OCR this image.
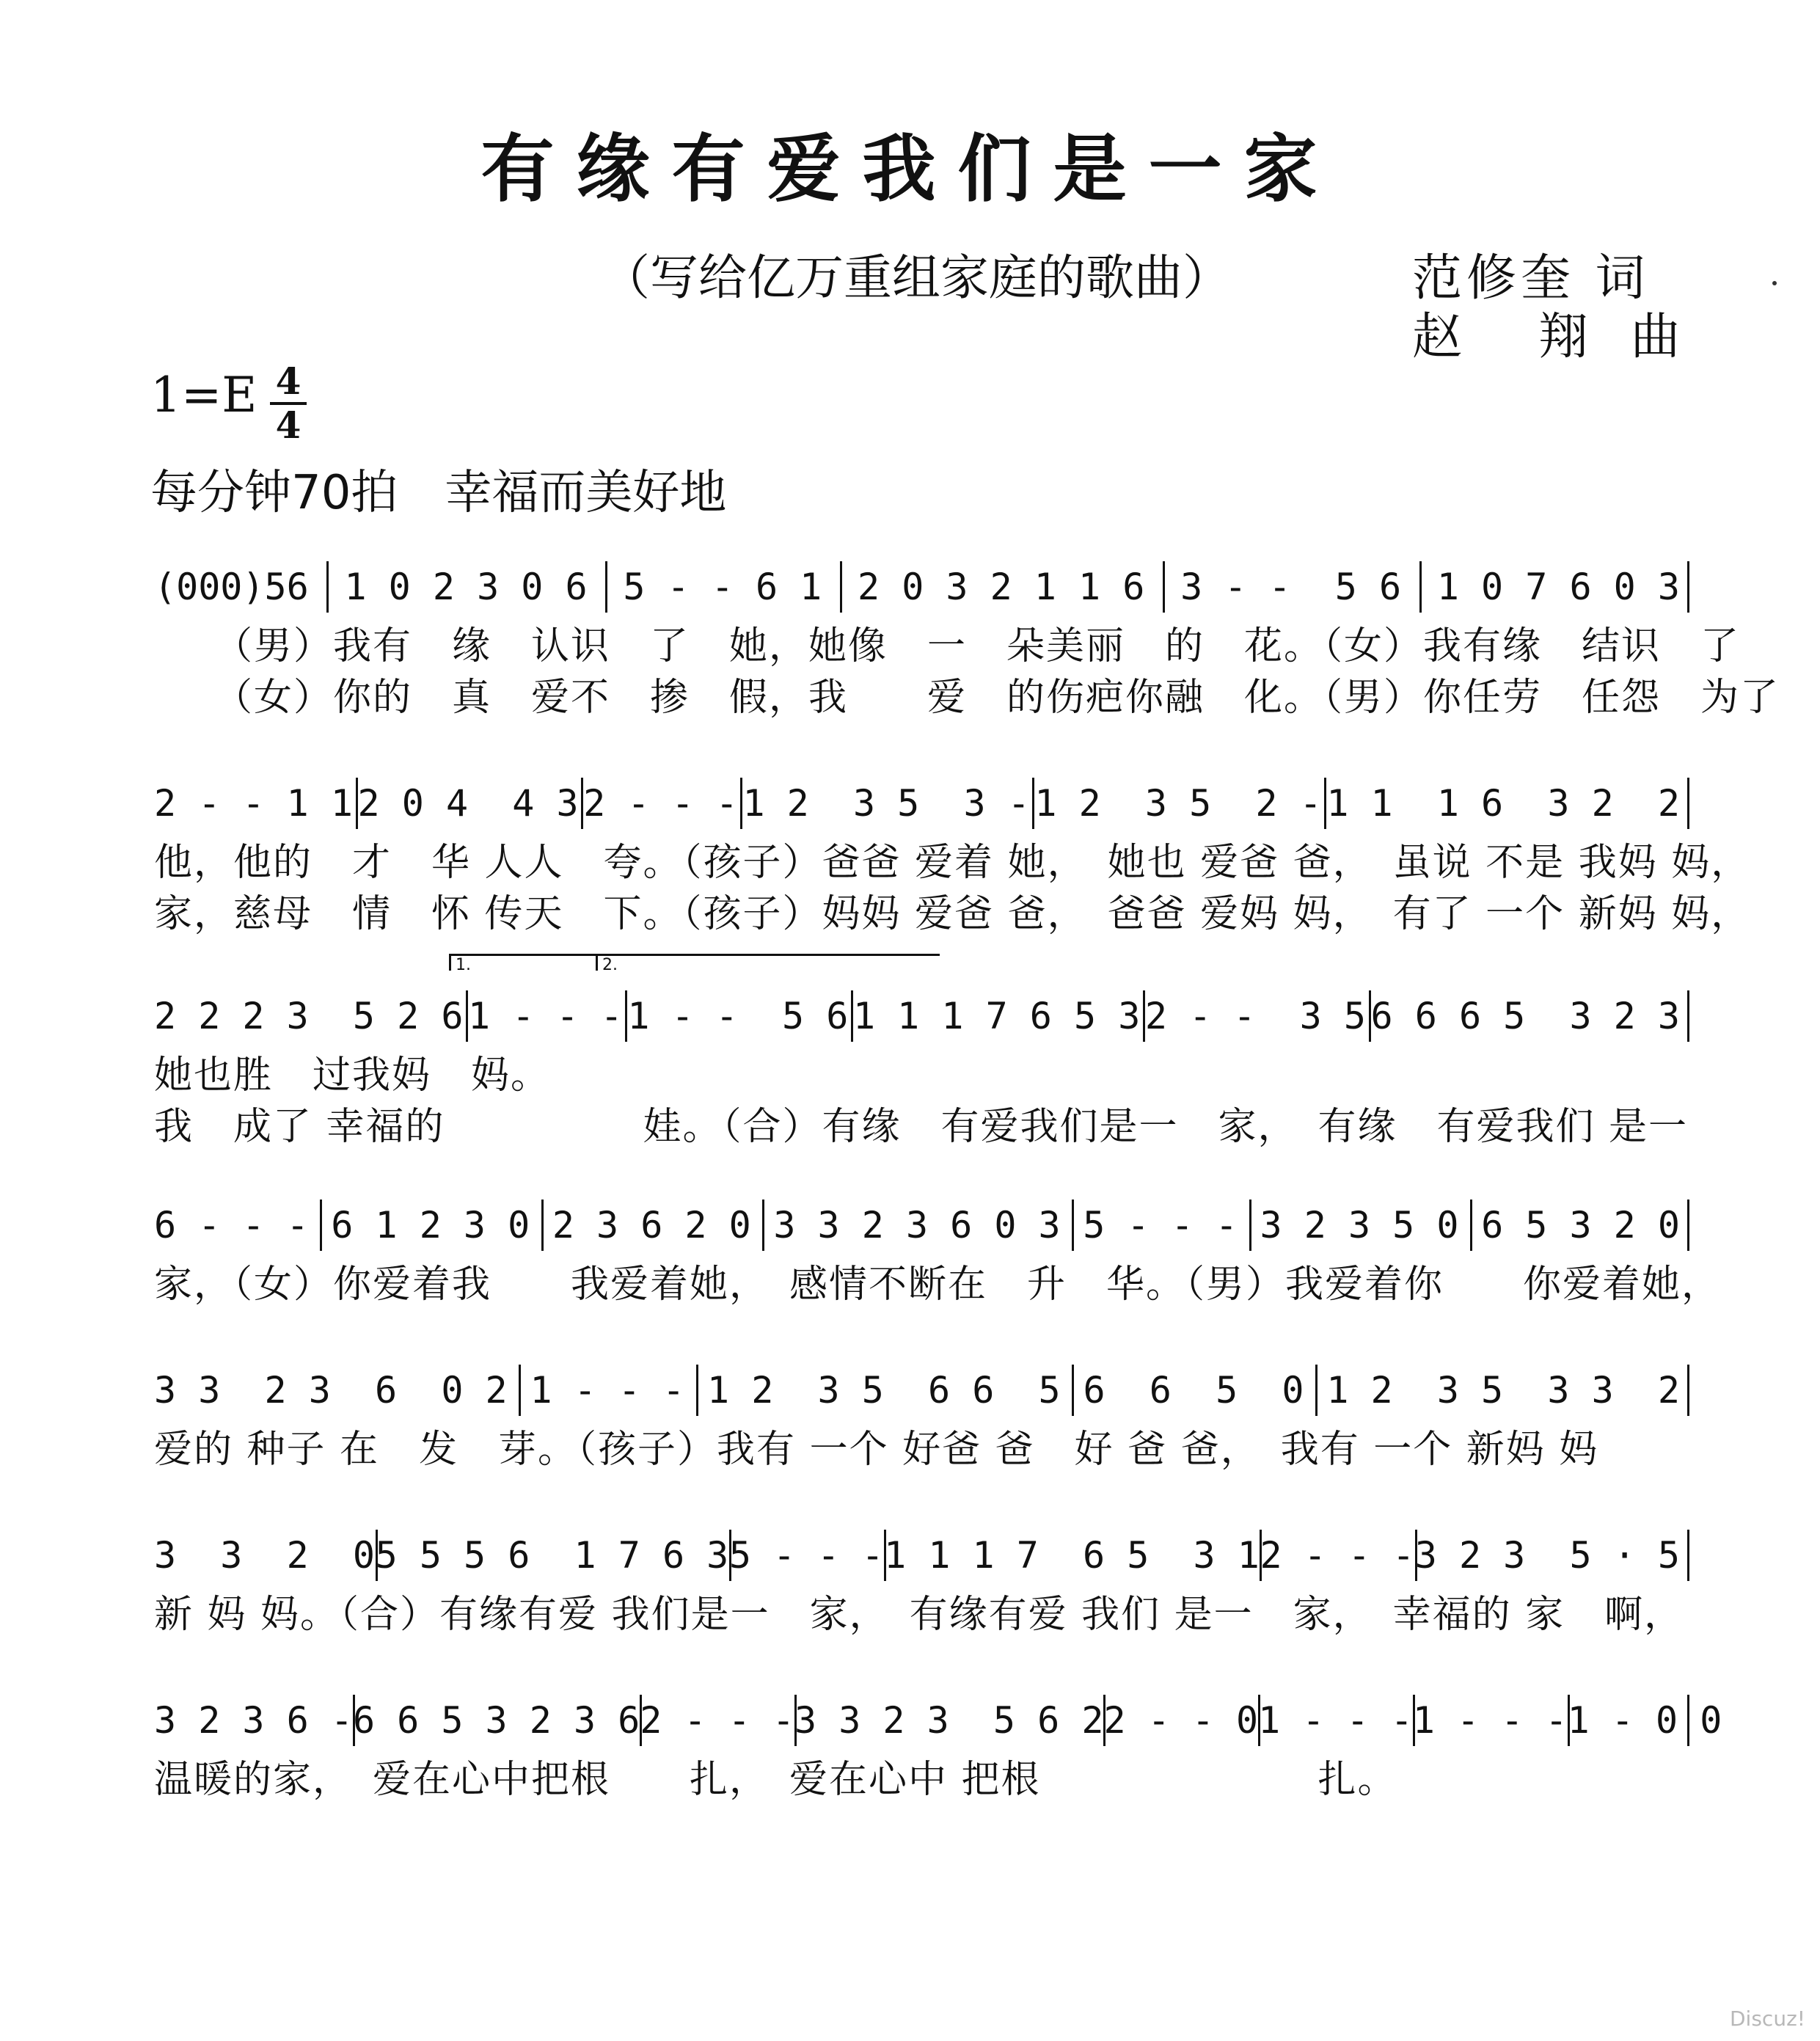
有缘有爱我们是一家
（写给亿万重组家庭的歌曲）	范修奎 词
赵　翔 曲
1=E 4
4
每分钟70拍　幸福而美好地
(000)56 1 0 2 3 0 6 5 - - 6 1 2 0 3 2 1 1 6 3 - -  5 6 1 0 7 6 0 3
　　（男）我有　缘　认识　了　她，她像　一　朵美丽　的　花。（女）我有缘　结识　了
　　（女）你的　真　爱不　掺　假，我　　爱　的伤疤你融　化。（男）你任劳　任怨　为了
2 - - 1 1 2 0 4  4 3 2 - - - 1 2  3 5  3 - 1 2  3 5  2 - 1 1  1 6  3 2  2
他，他的　才　华 人人　夸。（孩子）爸爸 爱着 她，　她也 爱爸 爸，　虽说 不是 我妈 妈，
家，慈母　情　怀 传天　下。（孩子）妈妈 爱爸 爸，　爸爸 爱妈 妈，　有了 一个 新妈 妈，
1.	2.
2 2 2 3  5 2 6 1 - - - 1 - -  5 6 1 1 1 7 6 5 3 2 - -  3 5 6 6 6 5  3 2 3
她也胜　过我妈　妈。
我　成了 幸福的　　　　　娃。（合）有缘　有爱我们是一　家，　有缘　有爱我们 是一
6 - - - 6 1 2 3 0 2 3 6 2 0 3 3 2 3 6 0 3 5 - - - 3 2 3 5 0 6 5 3 2 0
家，（女）你爱着我　　我爱着她，　感情不断在　升　华。（男）我爱着你　　你爱着她，
3 3  2 3  6  0 2 1 - - - 1 2  3 5  6 6  5 6  6  5  0 1 2  3 5  3 3  2
爱的 种子 在　发　芽。（孩子）我有 一个 好爸 爸　好 爸 爸，　我有 一个 新妈 妈
3  3  2  0 5 5 5 6  1 7 6 3 5 - - - 1 1 1 7  6 5  3 1 2 - - - 3 2 3  5 · 5
新 妈 妈。（合）有缘有爱 我们是一　家，　有缘有爱 我们 是一　家，　幸福的 家　啊，
3 2 3 6 - 6 6 5 3 2 3 6 2 - - - 3 3 2 3  5 6 2 2 - - 0 1 - - - 1 - - - 1 - 0 0
温暖的家，　爱在心中把根　　扎，　爱在心中 把根　　　　　　　扎。
Discuz!
